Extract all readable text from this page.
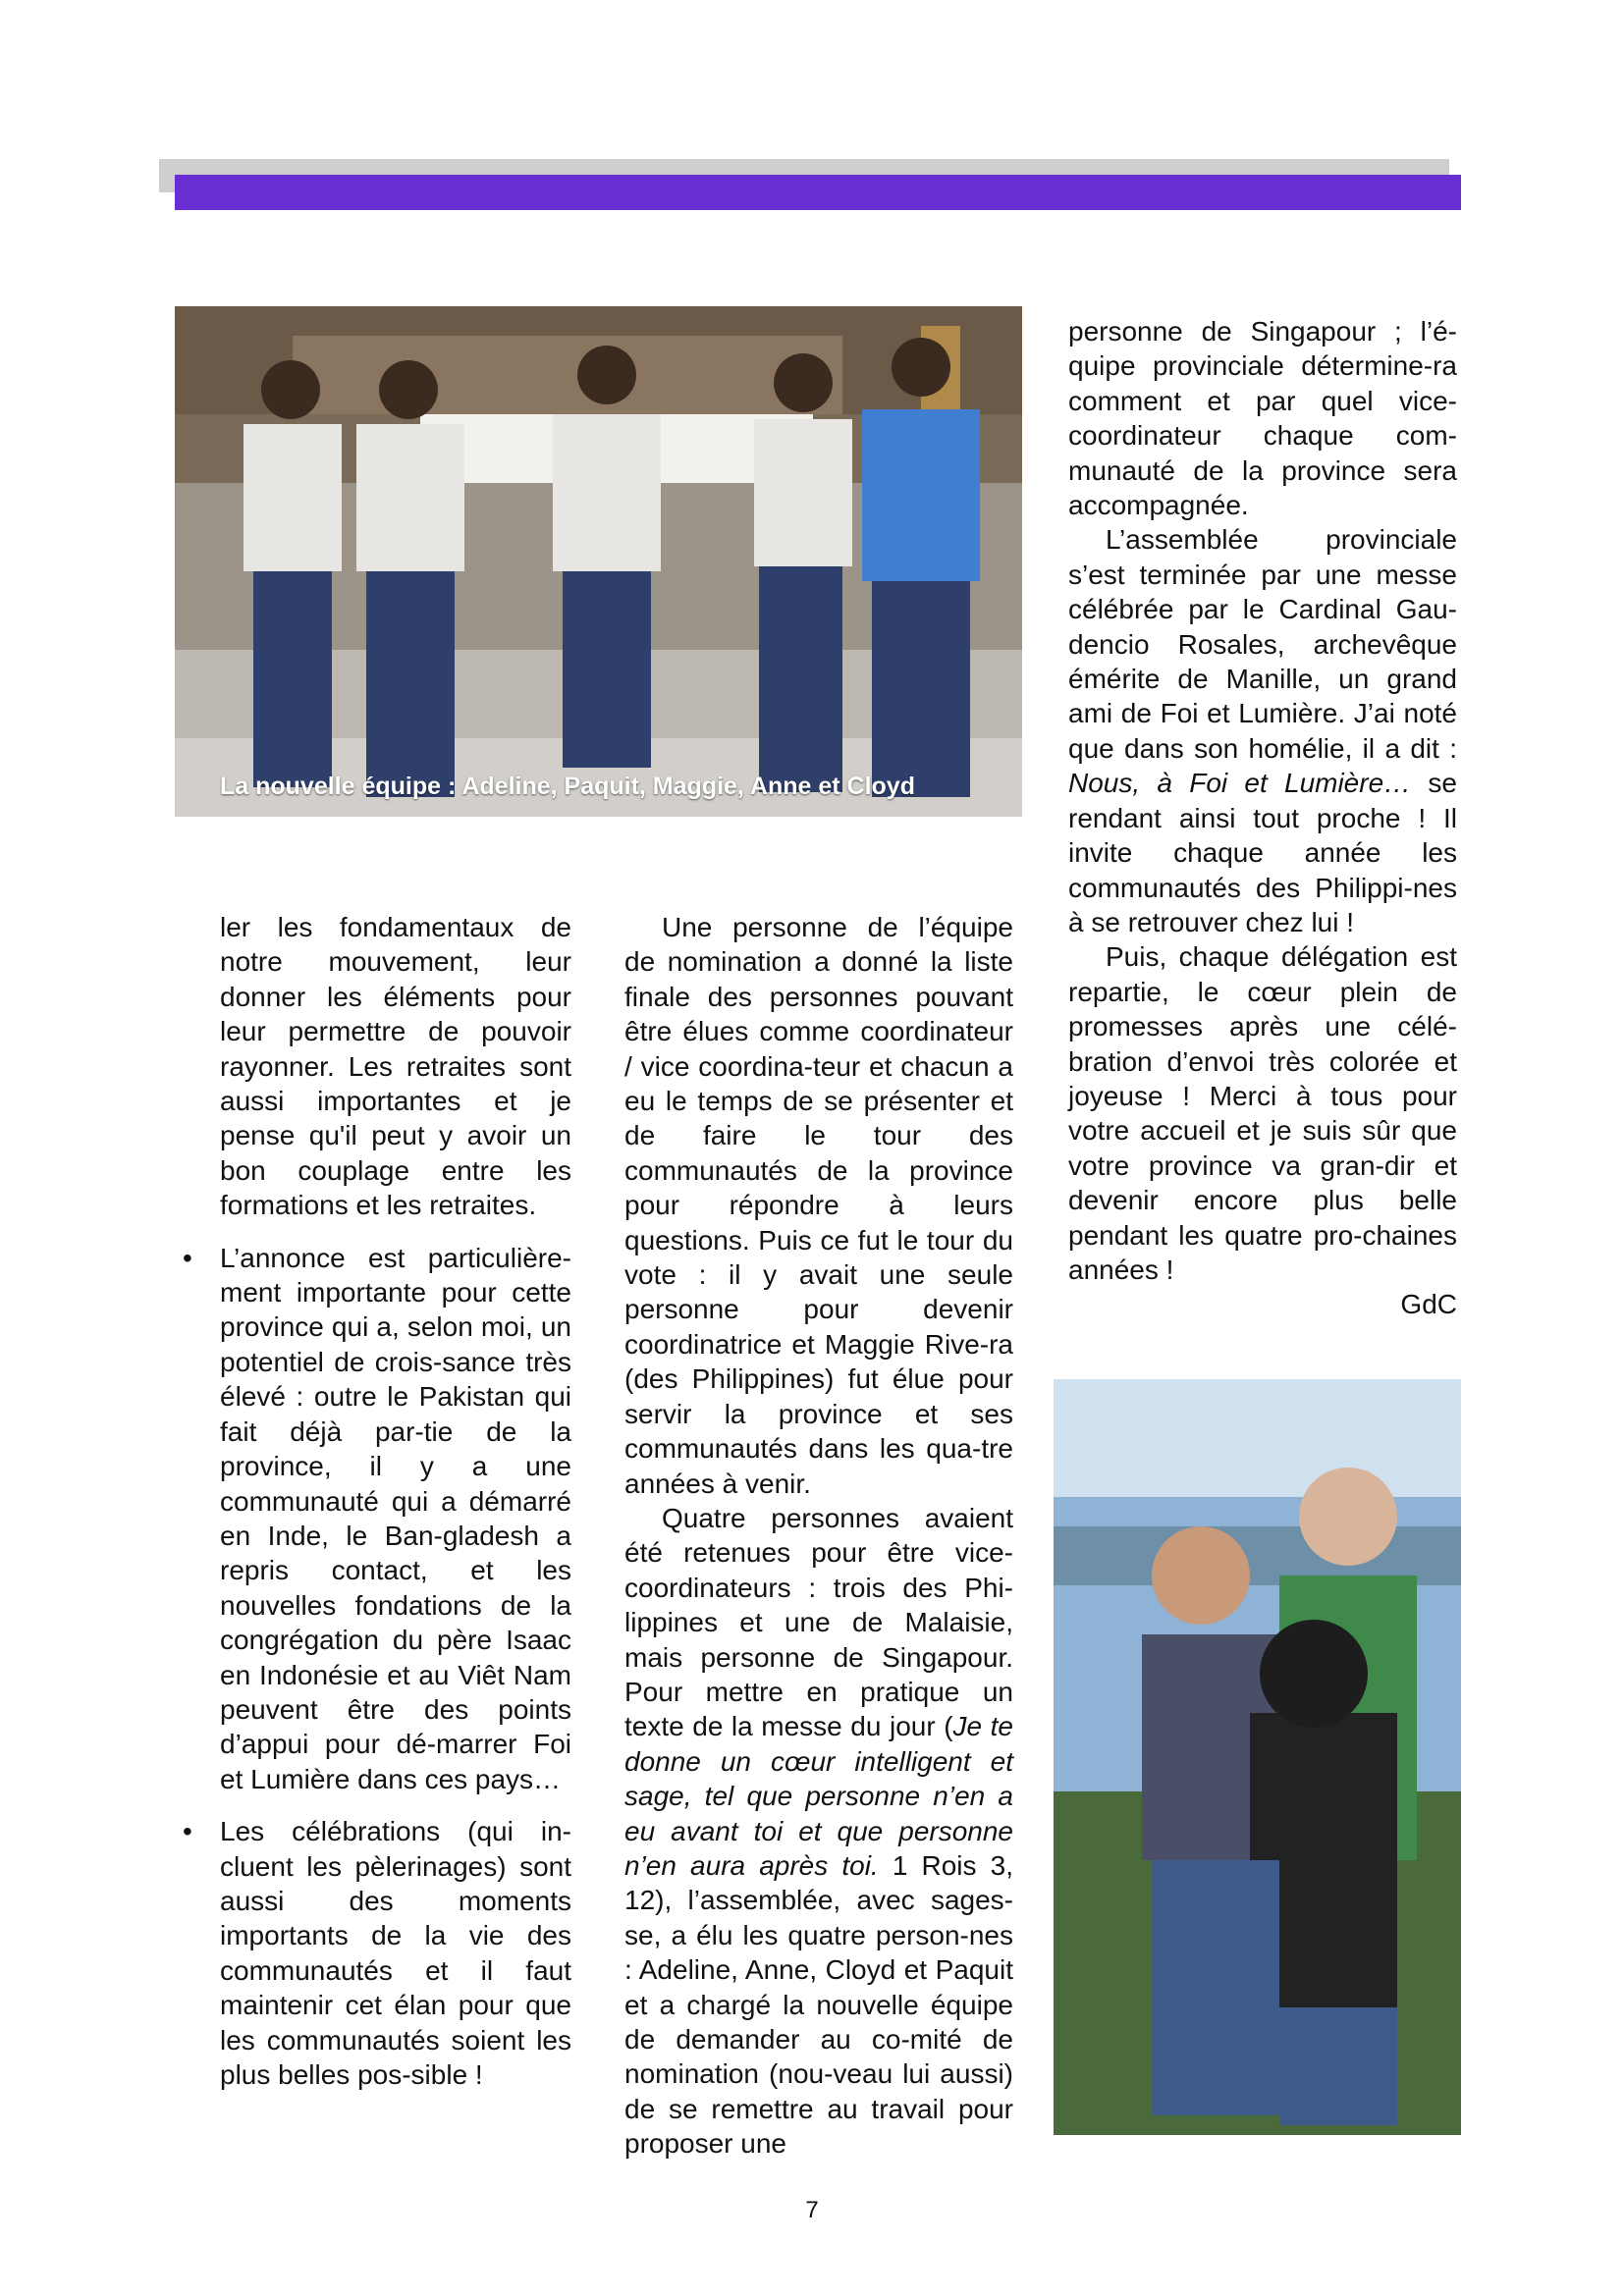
La nouvelle équipe : Adeline, Paquit, Maggie, Anne et Cloyd

ler les fondamentaux de notre mouvement, leur donner les éléments pour leur permettre de pouvoir rayonner. Les retraites sont aussi importantes et je pense qu'il peut y avoir un bon couplage entre les formations et les retraites.

• L’annonce est particulière-ment importante pour cette province qui a, selon moi, un potentiel de crois-sance très élevé : outre le Pakistan qui fait déjà par-tie de la province, il y a une communauté qui a démarré en Inde, le Ban-gladesh a repris contact, et les nouvelles fondations de la congrégation du père Isaac en Indonésie et au Viêt Nam peuvent être des points d’appui pour dé-marrer Foi et Lumière dans ces pays…
• Les célébrations (qui in-cluent les pèlerinages) sont aussi des moments importants de la vie des communautés et il faut maintenir cet élan pour que les communautés soient les plus belles pos-sible !

Une personne de l’équipe de nomination a donné la liste finale des personnes pouvant être élues comme coordinateur / vice coordina-teur et chacun a eu le temps de se présenter et de faire le tour des communautés de la province pour répondre à leurs questions. Puis ce fut le tour du vote : il y avait une seule personne pour devenir coordinatrice et Maggie Rive-ra (des Philippines) fut élue pour servir la province et ses communautés dans les qua-tre années à venir.

Quatre personnes avaient été retenues pour être vice-coordinateurs : trois des Phi-lippines et une de Malaisie, mais personne de Singapour. Pour mettre en pratique un texte de la messe du jour (Je te donne un cœur intelligent et sage, tel que personne n’en a eu avant toi et que personne n’en aura après toi. 1 Rois 3, 12), l’assemblée, avec sages-se, a élu les quatre person-nes : Adeline, Anne, Cloyd et Paquit et a chargé la nouvelle équipe de demander au co-mité de nomination (nou-veau lui aussi) de se remettre au travail pour proposer une

personne de Singapour ; l’é-quipe provinciale détermine-ra comment et par quel vice-coordinateur chaque com-munauté de la province sera accompagnée.

L’assemblée provinciale s’est terminée par une messe célébrée par le Cardinal Gau-dencio Rosales, archevêque émérite de Manille, un grand ami de Foi et Lumière. J’ai noté que dans son homélie, il a dit : Nous, à Foi et Lumière… se rendant ainsi tout proche ! Il invite chaque année les communautés des Philippi-nes à se retrouver chez lui !

Puis, chaque délégation est repartie, le cœur plein de promesses après une célé-bration d’envoi très colorée et joyeuse ! Merci à tous pour votre accueil et je suis sûr que votre province va gran-dir et devenir encore plus belle pendant les quatre pro-chaines années !

GdC

7
